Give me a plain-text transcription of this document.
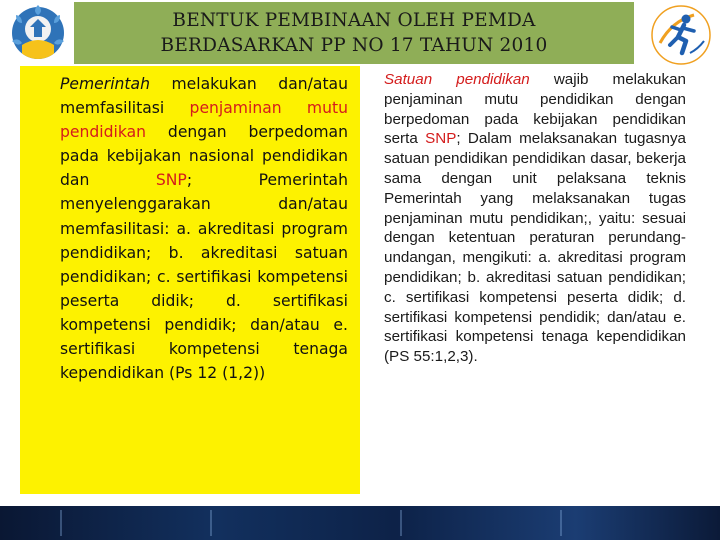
BENTUK PEMBINAAN OLEH PEMDA
BERDASARKAN PP NO 17 TAHUN 2010

Pemerintah melakukan dan/atau memfasilitasi penjaminan mutu pendidikan dengan berpedoman pada kebijakan nasional pendidikan dan SNP; Pemerintah menyelenggarakan dan/atau memfasilitasi: a. akreditasi program pendidikan; b. akreditasi satuan pendidikan; c. sertifikasi kompetensi peserta didik; d. sertifikasi kompetensi pendidik; dan/atau e. sertifikasi kompetensi tenaga kependidikan (Ps 12 (1,2))

Satuan pendidikan wajib melakukan penjaminan mutu pendidikan dengan berpedoman pada kebijakan pendidikan serta SNP; Dalam melaksanakan tugasnya satuan pendidikan pendidikan dasar, bekerja sama dengan unit pelaksana teknis Pemerintah yang melaksanakan tugas penjaminan mutu pendidikan;, yaitu: sesuai dengan ketentuan peraturan perundang-undangan, mengikuti: a. akreditasi program pendidikan; b. akreditasi satuan pendidikan; c. sertifikasi kompetensi peserta didik; d. sertifikasi kompetensi pendidik; dan/atau e. sertifikasi kompetensi tenaga kependidikan (PS 55:1,2,3).
